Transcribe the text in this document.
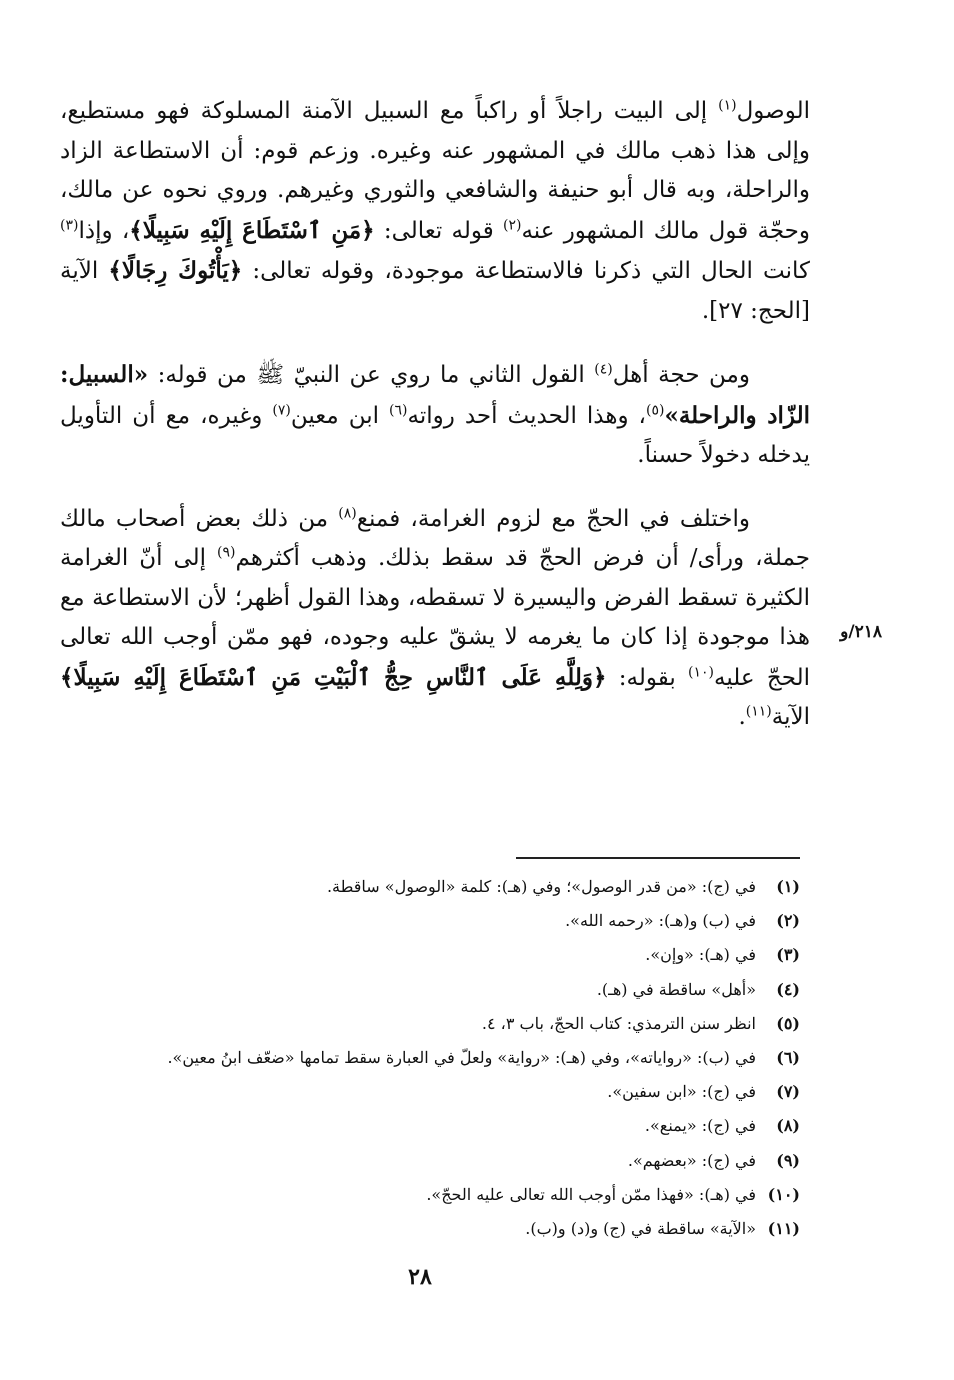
الوصول$^{(١)}$ إلى البيت راجلاً أو راكباً مع السبيل الآمنة المسلوكة فهو مستطيع، وإلى هذا ذهب مالك في المشهور عنه وغيره. وزعم قوم: أن الاستطاعة الزاد والراحلة، وبه قال أبو حنيفة والشافعي والثوري وغيرهم. وروي نحوه عن مالك، وحجّة قول مالك المشهور عنه$^{(٢)}$ قوله تعالى: ﴿مَنِ ٱسْتَطَاعَ إِلَيْهِ سَبِيلًا﴾، وإذا$^{(٣)}$ كانت الحال التي ذكرنا فالاستطاعة موجودة، وقوله تعالى: ﴿يَأْتُوكَ رِجَالًا﴾ الآية [الحج: ٢٧].

ومن حجة أهل$^{(٤)}$ القول الثاني ما روي عن النبيّ ﷺ من قوله: «السبيل: الزّاد والراحلة»$^{(٥)}$، وهذا الحديث أحد رواته$^{(٦)}$ ابن معين$^{(٧)}$ وغيره، مع أن التأويل يدخله دخولاً حسناً.

واختلف في الحجّ مع لزوم الغرامة، فمنع$^{(٨)}$ من ذلك بعض أصحاب مالك جملة، ورأى/ أن فرض الحجّ قد سقط بذلك. وذهب أكثرهم$^{(٩)}$ إلى أنّ الغرامة الكثيرة تسقط الفرض واليسيرة لا تسقطه، وهذا القول أظهر؛ لأن الاستطاعة مع هذا موجودة إذا كان ما يغرمه لا يشقّ عليه وجوده، فهو ممّن أوجب الله تعالى الحجّ عليه$^{(١٠)}$ بقوله: ﴿وَلِلَّهِ عَلَى ٱلنَّاسِ حِجُّ ٱلْبَيْتِ مَنِ ٱسْتَطَاعَ إِلَيْهِ سَبِيلًا﴾ الآية$^{(١١)}$.

٢١٨/و
(١)في (ج): «من قدر الوصول»؛ وفي (هـ): كلمة «الوصول» ساقطة.
(٢)في (ب) و(هـ): «رحمه الله».
(٣)في (هـ): «وإن».
(٤)«أهل» ساقطة في (هـ).
(٥)انظر سنن الترمذي: كتاب الحجّ، باب ٣، ٤.
(٦)في (ب): «رواياته»، وفي (هـ): «رواية» ولعلّ في العبارة سقط تمامها «ضعّف ابنُ معين».
(٧)في (ج): «ابن سفين».
(٨)في (ج): «يمنع».
(٩)في (ج): «بعضهم».
(١٠)في (هـ): «فهذا ممّن أوجب الله تعالى عليه الحجّ».
(١١)«الآية» ساقطة في (ج) و(د) و(ب).
٢٨
